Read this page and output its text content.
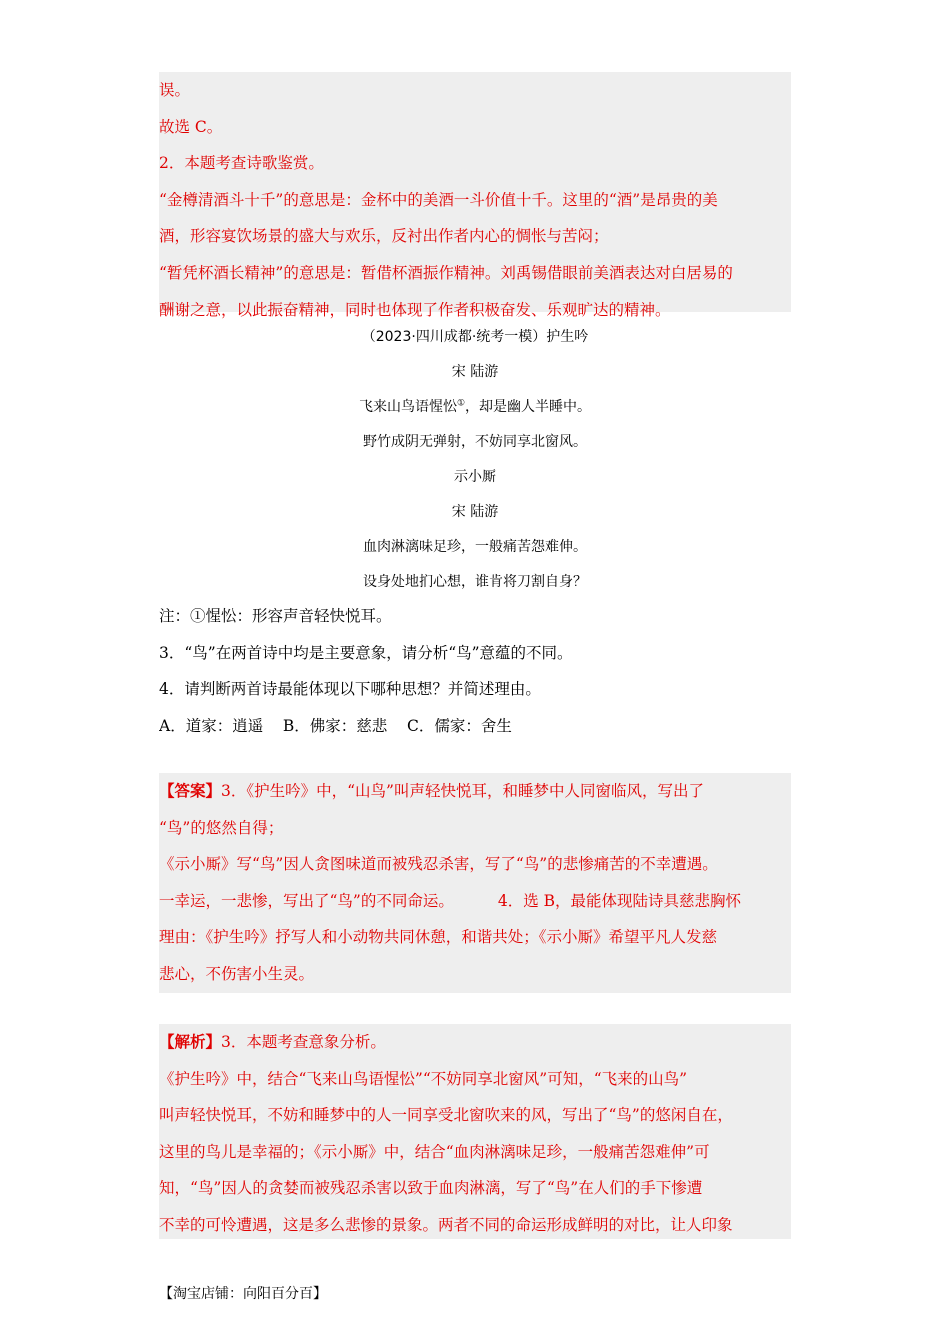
误。
故选 C。
2．本题考查诗歌鉴赏。
“金樽清酒斗十千”的意思是：金杯中的美酒一斗价值十千。这里的“酒”是昂贵的美
酒，形容宴饮场景的盛大与欢乐，反衬出作者内心的惆怅与苦闷；
“暂凭杯酒长精神”的意思是：暂借杯酒振作精神。刘禹锡借眼前美酒表达对白居易的
酬谢之意，以此振奋精神，同时也体现了作者积极奋发、乐观旷达的精神。
（2023·四川成都·统考一模）护生吟
宋 陆游
飞来山鸟语惺忪①，却是幽人半睡中。
野竹成阴无弹射，不妨同享北窗风。
示小厮
宋 陆游
血肉淋漓味足珍，一般痛苦怨难伸。
设身处地扪心想，谁肯将刀割自身？
注：①惺忪：形容声音轻快悦耳。
3．“鸟”在两首诗中均是主要意象，请分析“鸟”意蕴的不同。
4．请判断两首诗最能体现以下哪种思想？并简述理由。
A．道家：逍遥    B．佛家：慈悲    C．儒家：舍生
【答案】3．《护生吟》中，“山鸟”叫声轻快悦耳，和睡梦中人同窗临风，写出了
“鸟”的悠然自得；
《示小厮》写“鸟”因人贪图味道而被残忍杀害，写了“鸟”的悲惨痛苦的不幸遭遇。
一幸运，一悲惨，写出了“鸟”的不同命运。	4．选 B，最能体现陆诗具慈悲胸怀
理由：《护生吟》抒写人和小动物共同休憩，和谐共处；《示小厮》希望平凡人发慈
悲心，不伤害小生灵。
【解析】3．本题考查意象分析。
《护生吟》中，结合“飞来山鸟语惺忪”“不妨同享北窗风”可知，“飞来的山鸟”
叫声轻快悦耳，不妨和睡梦中的人一同享受北窗吹来的风，写出了“鸟”的悠闲自在，
这里的鸟儿是幸福的；《示小厮》中，结合“血肉淋漓味足珍，一般痛苦怨难伸”可
知，“鸟”因人的贪婪而被残忍杀害以致于血肉淋漓，写了“鸟”在人们的手下惨遭
不幸的可怜遭遇，这是多么悲惨的景象。两者不同的命运形成鲜明的对比，让人印象
【淘宝店铺：向阳百分百】
